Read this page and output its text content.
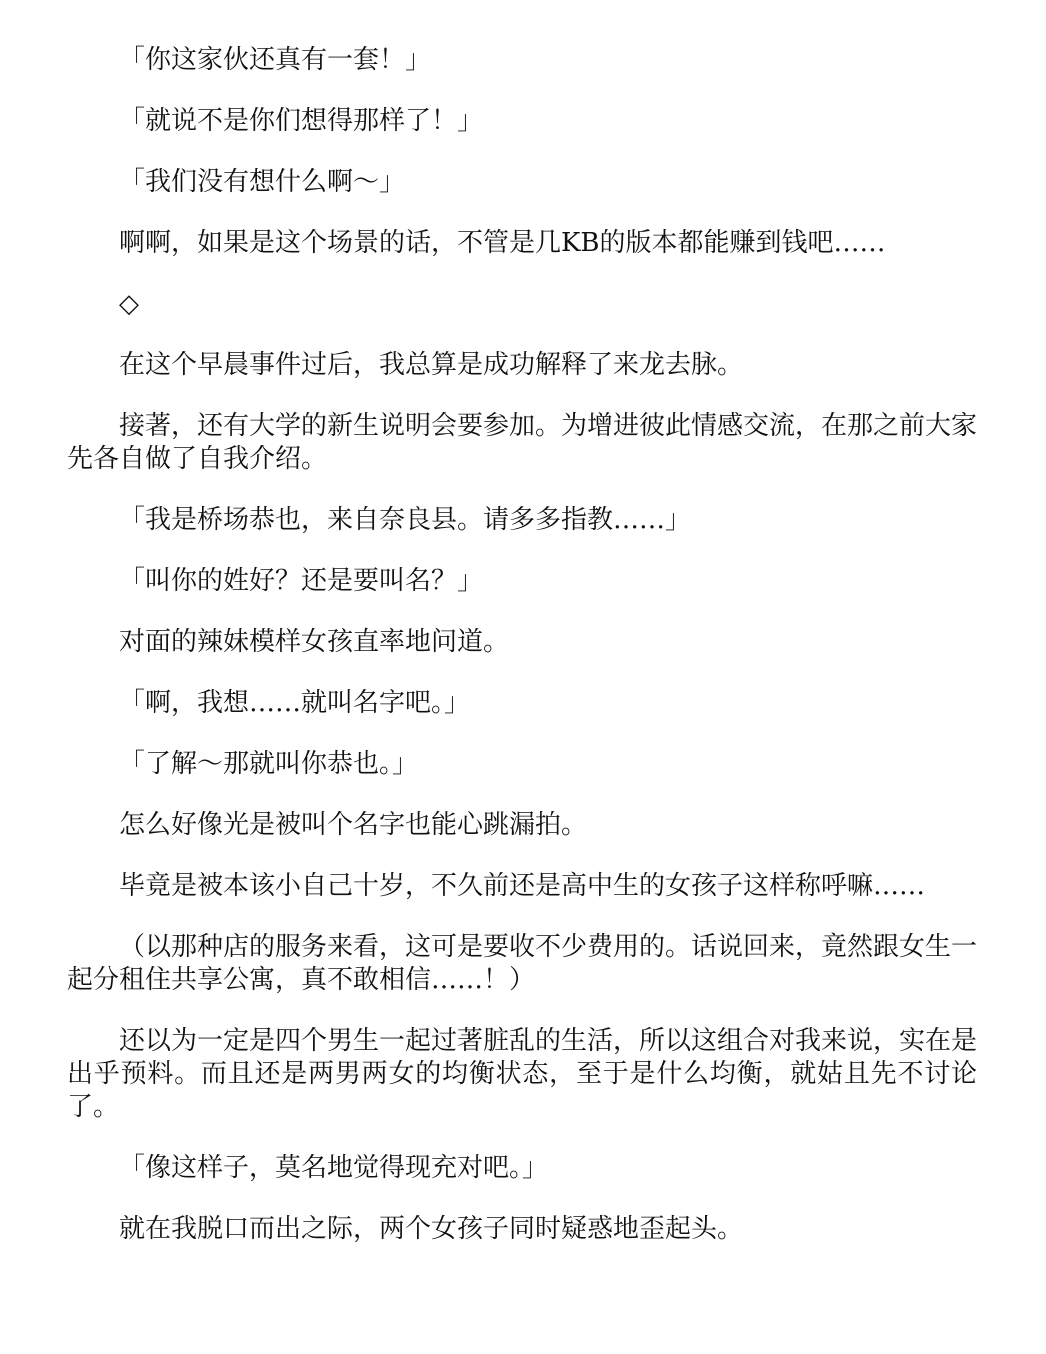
「你这家伙还真有一套！」

「就说不是你们想得那样了！」

「我们没有想什么啊～」

啊啊，如果是这个场景的话，不管是几KB的版本都能赚到钱吧……

◇

在这个早晨事件过后，我总算是成功解释了来龙去脉。

接著，还有大学的新生说明会要参加。为增进彼此情感交流，在那之前大家先各自做了自我介绍。

「我是桥场恭也，来自奈良县。请多多指教……」

「叫你的姓好？还是要叫名？」

对面的辣妹模样女孩直率地问道。

「啊，我想……就叫名字吧。」

「了解～那就叫你恭也。」

怎么好像光是被叫个名字也能心跳漏拍。

毕竟是被本该小自己十岁，不久前还是高中生的女孩子这样称呼嘛……

（以那种店的服务来看，这可是要收不少费用的。话说回来，竟然跟女生一起分租住共享公寓，真不敢相信……！）

还以为一定是四个男生一起过著脏乱的生活，所以这组合对我来说，实在是出乎预料。而且还是两男两女的均衡状态，至于是什么均衡，就姑且先不讨论了。

「像这样子，莫名地觉得现充对吧。」

就在我脱口而出之际，两个女孩子同时疑惑地歪起头。
